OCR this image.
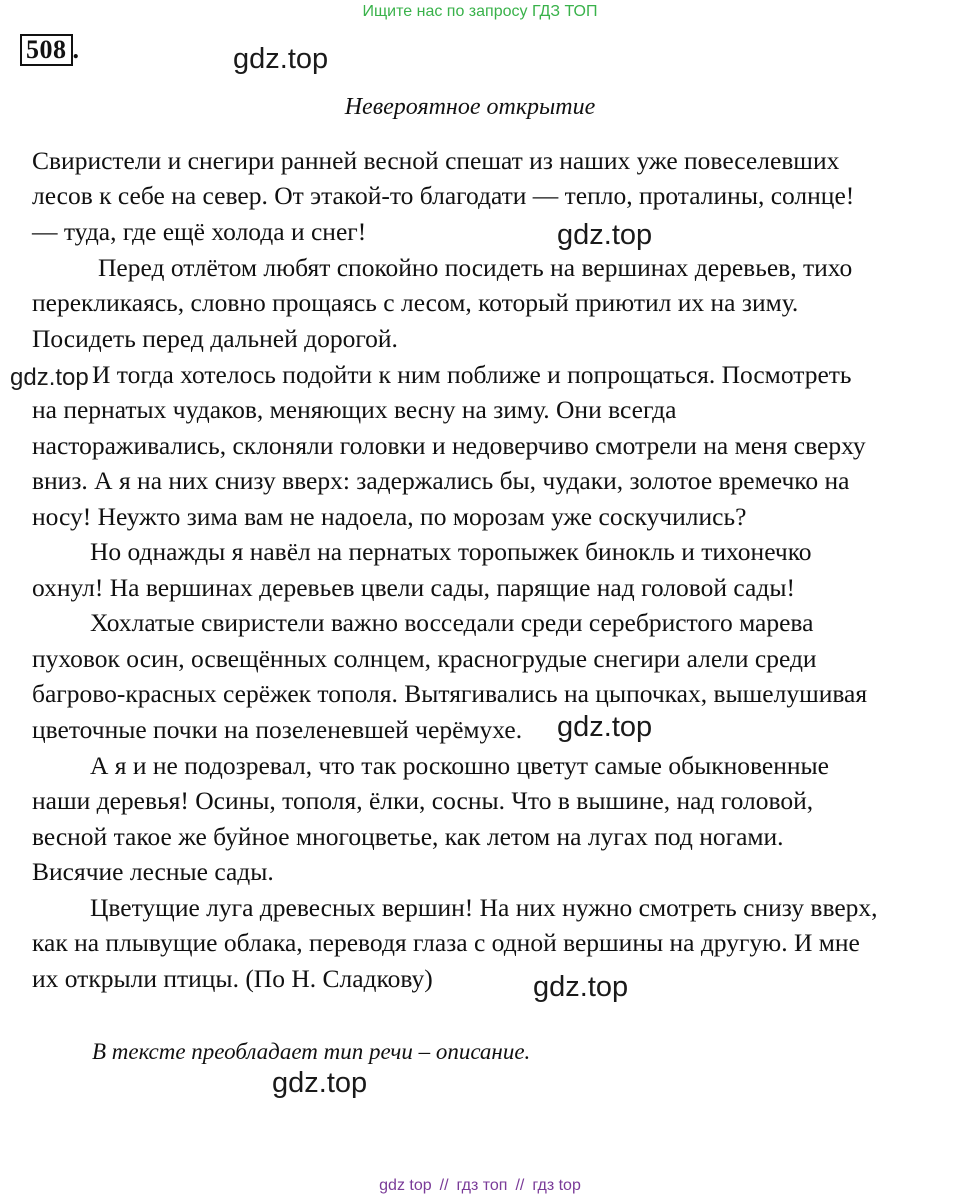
Ищите нас по запросу ГДЗ ТОП
508 .	gdz.top
Невероятное открытие
Свиристели и снегири ранней весной спешат из наших уже повеселевших
лесов к себе на север. От этакой-то благодати — тепло, проталины, солнце!
— туда, где ещё холода и снег!	gdz.top
Перед отлётом любят спокойно посидеть на вершинах деревьев, тихо
перекликаясь, словно прощаясь с лесом, который приютил их на зиму.
Посидеть перед дальней дорогой.
gdz.top И тогда хотелось подойти к ним поближе и попрощаться. Посмотреть
на пернатых чудаков, меняющих весну на зиму. Они всегда
настораживались, склоняли головки и недоверчиво смотрели на меня сверху
вниз. А я на них снизу вверх: задержались бы, чудаки, золотое времечко на
носу! Неужто зима вам не надоела, по морозам уже соскучились?
Но однажды я навёл на пернатых торопыжек бинокль и тихонечко
охнул! На вершинах деревьев цвели сады, парящие над головой сады!
Хохлатые свиристели важно восседали среди серебристого марева
пуховок осин, освещённых солнцем, красногрудые снегири алели среди
багрово-красных серёжек тополя. Вытягивались на цыпочках, вышелушивая
цветочные почки на позеленевшей черёмухе. gdz.top
А я и не подозревал, что так роскошно цветут самые обыкновенные
наши деревья! Осины, тополя, ёлки, сосны. Что в вышине, над головой,
весной такое же буйное многоцветье, как летом на лугах под ногами.
Висячие лесные сады.
Цветущие луга древесных вершин! На них нужно смотреть снизу вверх,
как на плывущие облака, переводя глаза с одной вершины на другую. И мне
их открыли птицы. (По Н. Сладкову)	gdz.top
В тексте преобладает тип речи – описание.
gdz.top
gdz top // гдз топ // гдз top
